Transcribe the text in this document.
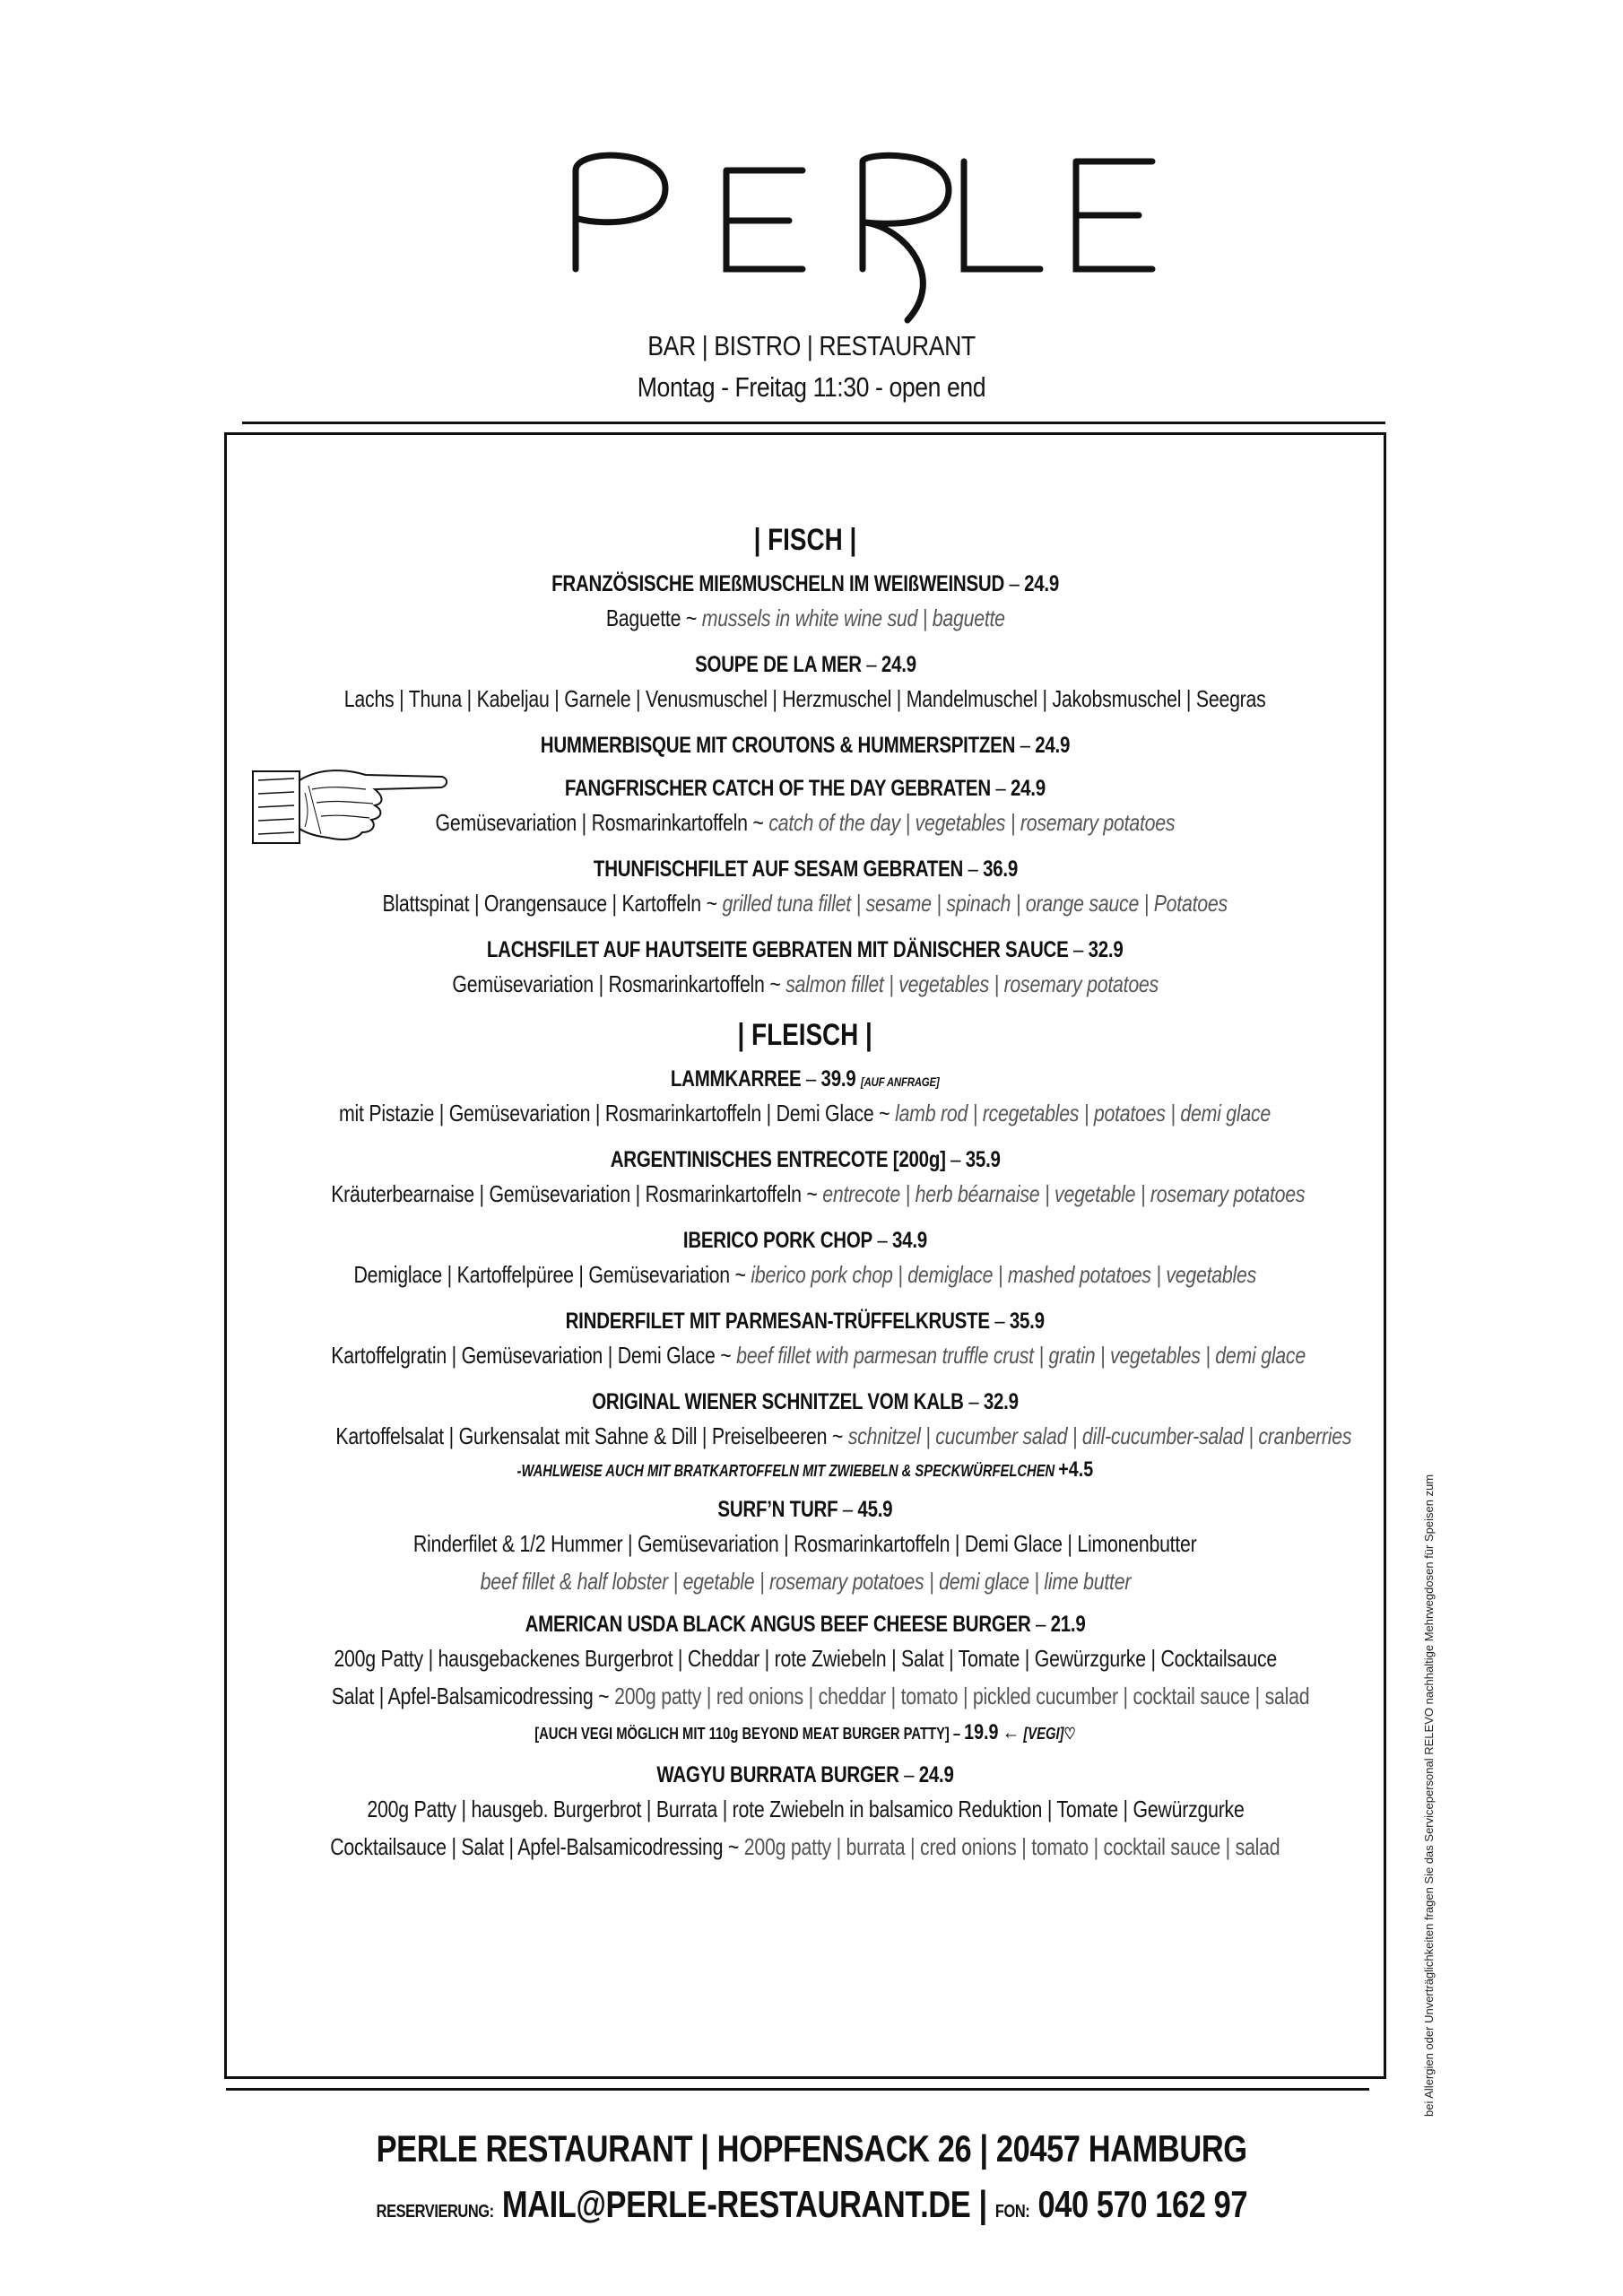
BAR | BISTRO | RESTAURANT
Montag - Freitag 11:30 - open end
| FISCH |
FRANZÖSISCHE MIEßMUSCHELN IM WEIßWEINSUD – 24.9
Baguette ~ mussels in white wine sud | baguette
SOUPE DE LA MER – 24.9
Lachs | Thuna | Kabeljau | Garnele | Venusmuschel | Herzmuschel | Mandelmuschel | Jakobsmuschel | Seegras
HUMMERBISQUE MIT CROUTONS & HUMMERSPITZEN – 24.9
FANGFRISCHER CATCH OF THE DAY GEBRATEN – 24.9
Gemüsevariation | Rosmarinkartoffeln ~ catch of the day | vegetables | rosemary potatoes
THUNFISCHFILET AUF SESAM GEBRATEN – 36.9
Blattspinat | Orangensauce | Kartoffeln ~ grilled tuna fillet | sesame | spinach | orange sauce | Potatoes
LACHSFILET AUF HAUTSEITE GEBRATEN MIT DÄNISCHER SAUCE – 32.9
Gemüsevariation | Rosmarinkartoffeln ~ salmon fillet | vegetables | rosemary potatoes
| FLEISCH |
LAMMKARREE – 39.9 [AUF ANFRAGE]
mit Pistazie | Gemüsevariation | Rosmarinkartoffeln | Demi Glace ~ lamb rod | rcegetables | potatoes | demi glace
ARGENTINISCHES ENTRECOTE [200g] – 35.9
Kräuterbearnaise | Gemüsevariation | Rosmarinkartoffeln ~ entrecote | herb béarnaise | vegetable | rosemary potatoes
IBERICO PORK CHOP – 34.9
Demiglace | Kartoffelpüree | Gemüsevariation ~ iberico pork chop | demiglace | mashed potatoes | vegetables
RINDERFILET MIT PARMESAN-TRÜFFELKRUSTE – 35.9
Kartoffelgratin | Gemüsevariation | Demi Glace ~ beef fillet with parmesan truffle crust | gratin | vegetables | demi glace
ORIGINAL WIENER SCHNITZEL VOM KALB – 32.9
Kartoffelsalat | Gurkensalat mit Sahne & Dill | Preiselbeeren ~ schnitzel | cucumber salad | dill-cucumber-salad | cranberries
-WAHLWEISE AUCH MIT BRATKARTOFFELN MIT ZWIEBELN & SPECKWÜRFELCHEN +4.5
SURF’N TURF – 45.9
Rinderfilet & 1/2 Hummer | Gemüsevariation | Rosmarinkartoffeln | Demi Glace | Limonenbutter
beef fillet & half lobster | egetable | rosemary potatoes | demi glace | lime butter
AMERICAN USDA BLACK ANGUS BEEF CHEESE BURGER – 21.9
200g Patty | hausgebackenes Burgerbrot | Cheddar | rote Zwiebeln | Salat | Tomate | Gewürzgurke | Cocktailsauce
Salat | Apfel-Balsamicodressing ~ 200g patty | red onions | cheddar | tomato | pickled cucumber | cocktail sauce | salad
[AUCH VEGI MÖGLICH MIT 110g BEYOND MEAT BURGER PATTY] – 19.9 ← [VEGI]♡
WAGYU BURRATA BURGER – 24.9
200g Patty | hausgeb. Burgerbrot | Burrata | rote Zwiebeln in balsamico Reduktion | Tomate | Gewürzgurke
Cocktailsauce | Salat | Apfel-Balsamicodressing ~ 200g patty | burrata | cred onions | tomato | cocktail sauce | salad	bei Allergien oder Unverträglichkeiten fragen Sie das Servicepersonal RELEVO nachhaltige Mehrwegdosen für Speisen zum
PERLE RESTAURANT | HOPFENSACK 26 | 20457 HAMBURG
RESERVIERUNG: MAIL@PERLE-RESTAURANT.DE | FON: 040 570 162 97
